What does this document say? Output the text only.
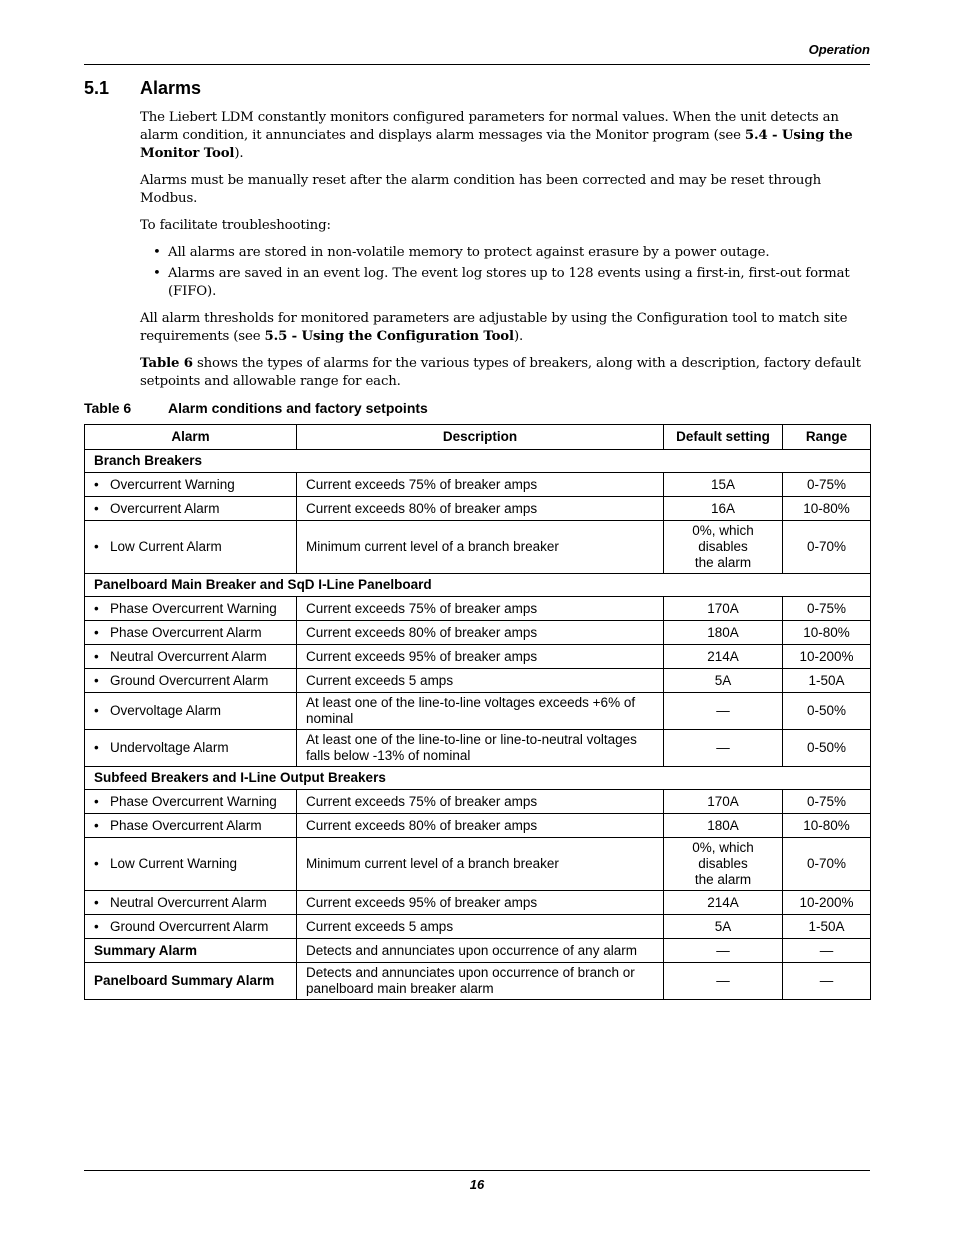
Operation
5.1 Alarms

The Liebert LDM constantly monitors configured parameters for normal values. When the unit detects an alarm condition, it annunciates and displays alarm messages via the Monitor program (see 5.4 - Using the Monitor Tool).

Alarms must be manually reset after the alarm condition has been corrected and may be reset through Modbus.

To facilitate troubleshooting:

• All alarms are stored in non-volatile memory to protect against erasure by a power outage.
• Alarms are saved in an event log. The event log stores up to 128 events using a first-in, first-out format (FIFO).

All alarm thresholds for monitored parameters are adjustable by using the Configuration tool to match site requirements (see 5.5 - Using the Configuration Tool).

Table 6 shows the types of alarms for the various types of breakers, along with a description, factory default setpoints and allowable range for each.

Table 6	Alarm conditions and factory setpoints
Alarm	Description	Default setting	Range
Branch Breakers			
• Overcurrent Warning	Current exceeds 75% of breaker amps	15A	0-75%
• Overcurrent Alarm	Current exceeds 80% of breaker amps	16A	10-80%
• Low Current Alarm	Minimum current level of a branch breaker	0%, which
disables
the alarm	0-70%
Panelboard Main Breaker and SqD I-Line Panelboard			
• Phase Overcurrent Warning	Current exceeds 75% of breaker amps	170A	0-75%
• Phase Overcurrent Alarm	Current exceeds 80% of breaker amps	180A	10-80%
• Neutral Overcurrent Alarm	Current exceeds 95% of breaker amps	214A	10-200%
• Ground Overcurrent Alarm	Current exceeds 5 amps	5A	1-50A
• Overvoltage Alarm	At least one of the line-to-line voltages exceeds +6% of nominal	—	0-50%
• Undervoltage Alarm	At least one of the line-to-line or line-to-neutral voltages falls below -13% of nominal	—	0-50%
Subfeed Breakers and I-Line Output Breakers			
• Phase Overcurrent Warning	Current exceeds 75% of breaker amps	170A	0-75%
• Phase Overcurrent Alarm	Current exceeds 80% of breaker amps	180A	10-80%
• Low Current Warning	Minimum current level of a branch breaker	0%, which
disables
the alarm	0-70%
• Neutral Overcurrent Alarm	Current exceeds 95% of breaker amps	214A	10-200%
• Ground Overcurrent Alarm	Current exceeds 5 amps	5A	1-50A
Summary Alarm	Detects and annunciates upon occurrence of any alarm	—	—
Panelboard Summary Alarm	Detects and annunciates upon occurrence of branch or panelboard main breaker alarm	—	—
16
